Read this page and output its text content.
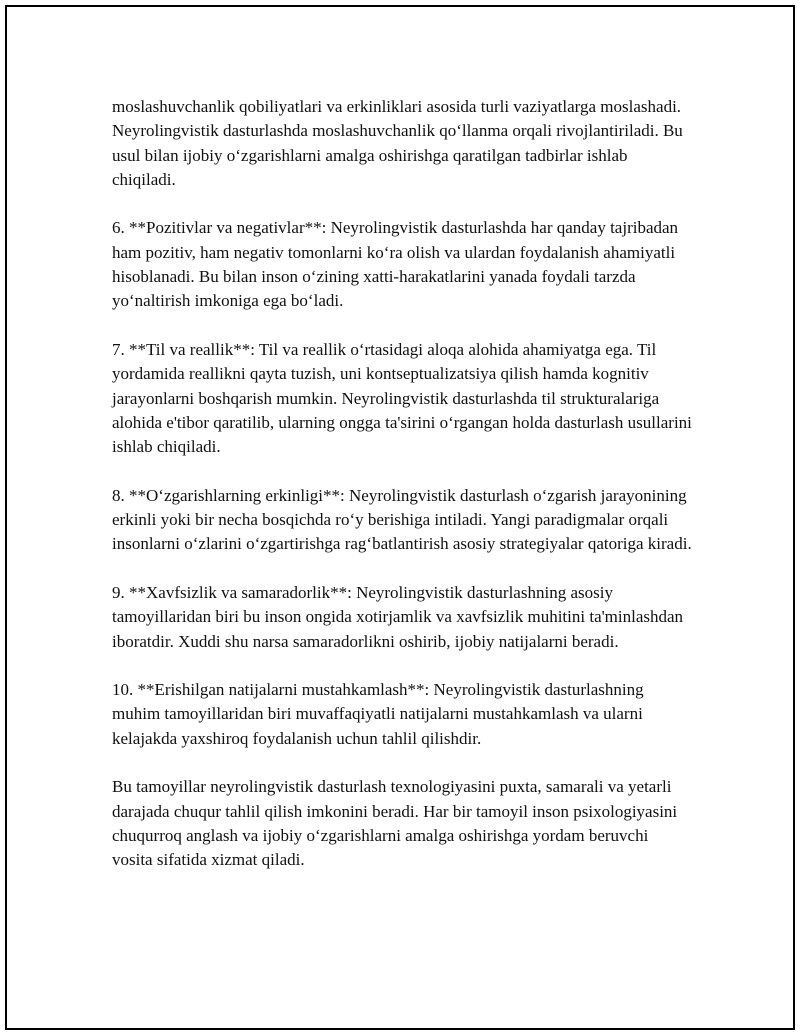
moslashuvchanlik qobiliyatlari va erkinliklari asosida turli vaziyatlarga moslashadi. Neyrolingvistik dasturlashda moslashuvchanlik qo‘llanma orqali rivojlantiriladi. Bu usul bilan ijobiy o‘zgarishlarni amalga oshirishga qaratilgan tadbirlar ishlab chiqiladi.

6. **Pozitivlar va negativlar**: Neyrolingvistik dasturlashda har qanday tajribadan ham pozitiv, ham negativ tomonlarni ko‘ra olish va ulardan foydalanish ahamiyatli hisoblanadi. Bu bilan inson o‘zining xatti-harakatlarini yanada foydali tarzda yo‘naltirish imkoniga ega bo‘ladi.

7. **Til va reallik**: Til va reallik o‘rtasidagi aloqa alohida ahamiyatga ega. Til yordamida reallikni qayta tuzish, uni kontseptualizatsiya qilish hamda kognitiv jarayonlarni boshqarish mumkin. Neyrolingvistik dasturlashda til strukturalariga alohida e'tibor qaratilib, ularning ongga ta'sirini o‘rgangan holda dasturlash usullarini ishlab chiqiladi.

8. **O‘zgarishlarning erkinligi**: Neyrolingvistik dasturlash o‘zgarish jarayonining erkinli yoki bir necha bosqichda ro‘y berishiga intiladi. Yangi paradigmalar orqali insonlarni o‘zlarini o‘zgartirishga rag‘batlantirish asosiy strategiyalar qatoriga kiradi.

9. **Xavfsizlik va samaradorlik**: Neyrolingvistik dasturlashning asosiy tamoyillaridan biri bu inson ongida xotirjamlik va xavfsizlik muhitini ta'minlashdan iboratdir. Xuddi shu narsa samaradorlikni oshirib, ijobiy natijalarni beradi.

10. **Erishilgan natijalarni mustahkamlash**: Neyrolingvistik dasturlashning muhim tamoyillaridan biri muvaffaqiyatli natijalarni mustahkamlash va ularni kelajakda yaxshiroq foydalanish uchun tahlil qilishdir.

Bu tamoyillar neyrolingvistik dasturlash texnologiyasini puxta, samarali va yetarli darajada chuqur tahlil qilish imkonini beradi. Har bir tamoyil inson psixologiyasini chuqurroq anglash va ijobiy o‘zgarishlarni amalga oshirishga yordam beruvchi vosita sifatida xizmat qiladi.
